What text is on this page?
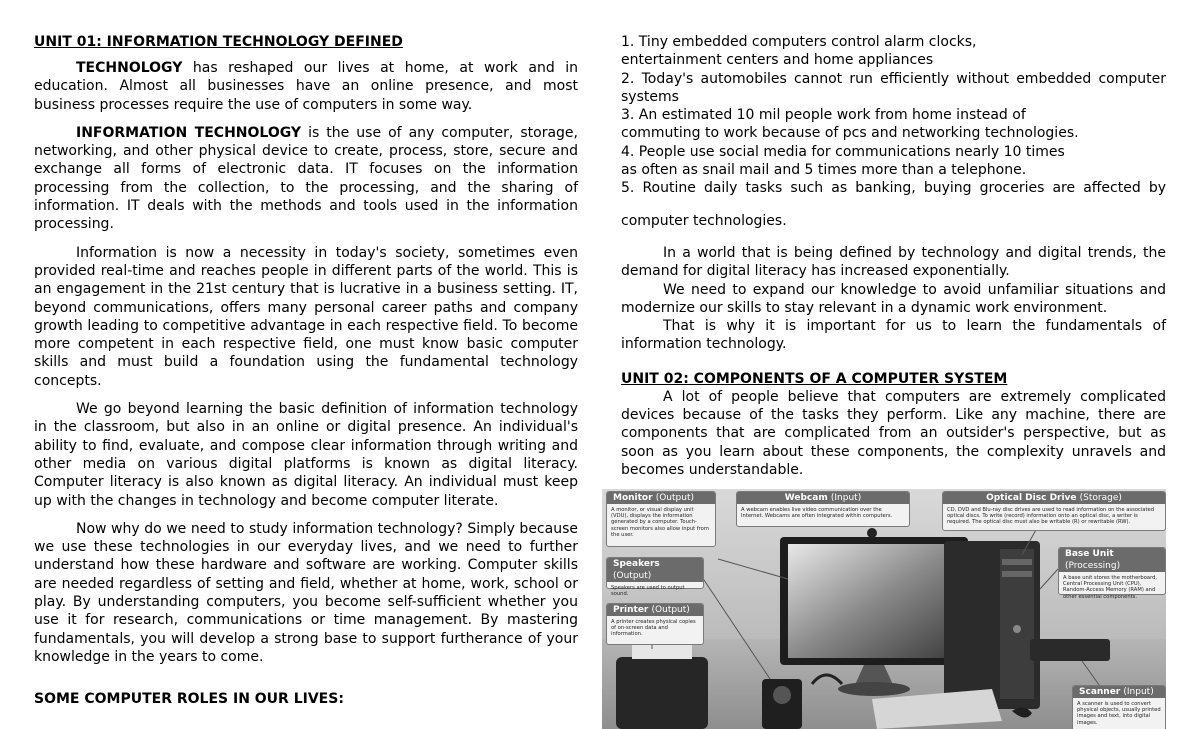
UNIT 01: INFORMATION TECHNOLOGY DEFINED

TECHNOLOGY has reshaped our lives at home, at work and in education. Almost all businesses have an online presence, and most business processes require the use of computers in some way.

INFORMATION TECHNOLOGY is the use of any computer, storage, networking, and other physical device to create, process, store, secure and exchange all forms of electronic data. IT focuses on the information processing from the collection, to the processing, and the sharing of information. IT deals with the methods and tools used in the information processing.

Information is now a necessity in today's society, sometimes even provided real-time and reaches people in different parts of the world. This is an engagement in the 21st century that is lucrative in a business setting. IT, beyond communications, offers many personal career paths and company growth leading to competitive advantage in each respective field. To become more competent in each respective field, one must know basic computer skills and must build a foundation using the fundamental technology concepts.

We go beyond learning the basic definition of information technology in the classroom, but also in an online or digital presence. An individual's ability to find, evaluate, and compose clear information through writing and other media on various digital platforms is known as digital literacy. Computer literacy is also known as digital literacy. An individual must keep up with the changes in technology and become computer literate.

Now why do we need to study information technology? Simply because we use these technologies in our everyday lives, and we need to further understand how these hardware and software are working. Computer skills are needed regardless of setting and field, whether at home, work, school or play. By understanding computers, you become self-sufficient whether you use it for research, communications or time management. By mastering fundamentals, you will develop a strong base to support furtherance of your knowledge in the years to come.

SOME COMPUTER ROLES IN OUR LIVES:
1. Tiny embedded computers control alarm clocks,
entertainment centers and home appliances
2. Today's automobiles cannot run efficiently without embedded computer
systems
3. An estimated 10 mil people work from home instead of
commuting to work because of pcs and networking technologies.
4. People use social media for communications nearly 10 times
as often as snail mail and 5 times more than a telephone.
5. Routine daily tasks such as banking, buying groceries are affected by
computer technologies.

In a world that is being defined by technology and digital trends, the demand for digital literacy has increased exponentially.

We need to expand our knowledge to avoid unfamiliar situations and modernize our skills to stay relevant in a dynamic work environment.

That is why it is important for us to learn the fundamentals of information technology.

UNIT 02: COMPONENTS OF A COMPUTER SYSTEM

A lot of people believe that computers are extremely complicated devices because of the tasks they perform. Like any machine, there are components that are complicated from an outsider's perspective, but as soon as you learn about these components, the complexity unravels and becomes understandable.

Monitor (Output)
A monitor, or visual display unit (VDU), displays the information generated by a computer. Touch-screen monitors also allow input from the user.
Webcam (Input)
A webcam enables live video communication over the Internet. Webcams are often integrated within computers.
Optical Disc Drive (Storage)
CD, DVD and Blu-ray disc drives are used to read information on the associated optical discs. To write (record) information onto an optical disc, a writer is required. The optical disc must also be writable (R) or rewritable (RW).
Speakers (Output)
Speakers are used to output sound.
Printer (Output)
A printer creates physical copies of on-screen data and information.
Base Unit (Processing)
A base unit stores the motherboard, Central Processing Unit (CPU), Random-Access Memory (RAM) and other essential components.
Scanner (Input)
A scanner is used to convert physical objects, usually printed images and text, into digital images.
